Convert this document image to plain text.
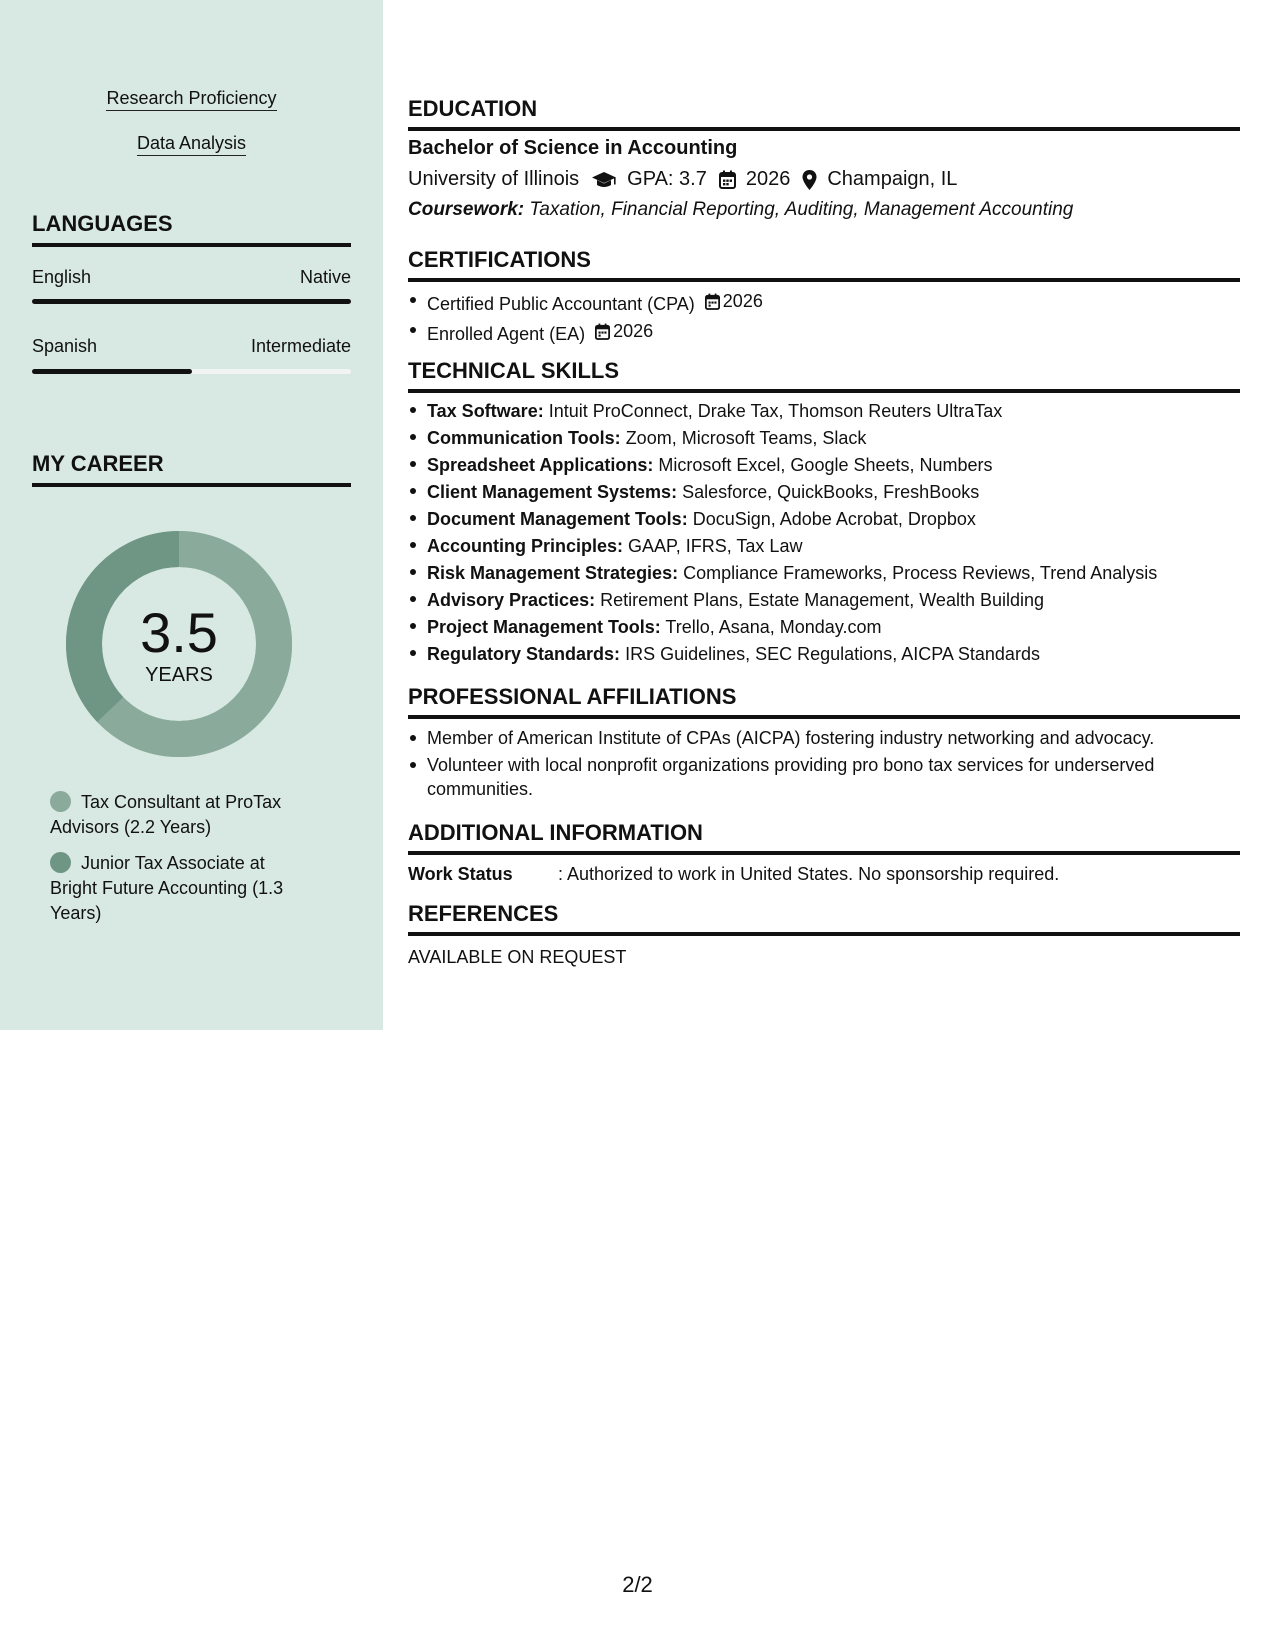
Research Proficiency
Data Analysis
LANGUAGES
English	Native
Spanish	Intermediate
MY CAREER
3.5
YEARS
Tax Consultant at ProTax Advisors (2.2 Years)
Junior Tax Associate at Bright Future Accounting (1.3 Years)
EDUCATION
Bachelor of Science in Accounting
University of Illinois GPA: 3.7 2026 Champaign, IL
Coursework: Taxation, Financial Reporting, Auditing, Management Accounting
CERTIFICATIONS
Certified Public Accountant (CPA) 2026
Enrolled Agent (EA) 2026
TECHNICAL SKILLS
Tax Software: Intuit ProConnect, Drake Tax, Thomson Reuters UltraTax
Communication Tools: Zoom, Microsoft Teams, Slack
Spreadsheet Applications: Microsoft Excel, Google Sheets, Numbers
Client Management Systems: Salesforce, QuickBooks, FreshBooks
Document Management Tools: DocuSign, Adobe Acrobat, Dropbox
Accounting Principles: GAAP, IFRS, Tax Law
Risk Management Strategies: Compliance Frameworks, Process Reviews, Trend Analysis
Advisory Practices: Retirement Plans, Estate Management, Wealth Building
Project Management Tools: Trello, Asana, Monday.com
Regulatory Standards: IRS Guidelines, SEC Regulations, AICPA Standards
PROFESSIONAL AFFILIATIONS
Member of American Institute of CPAs (AICPA) fostering industry networking and advocacy.
Volunteer with local nonprofit organizations providing pro bono tax services for underserved communities.
ADDITIONAL INFORMATION
Work Status	: Authorized to work in United States. No sponsorship required.
REFERENCES
AVAILABLE ON REQUEST
2/2
